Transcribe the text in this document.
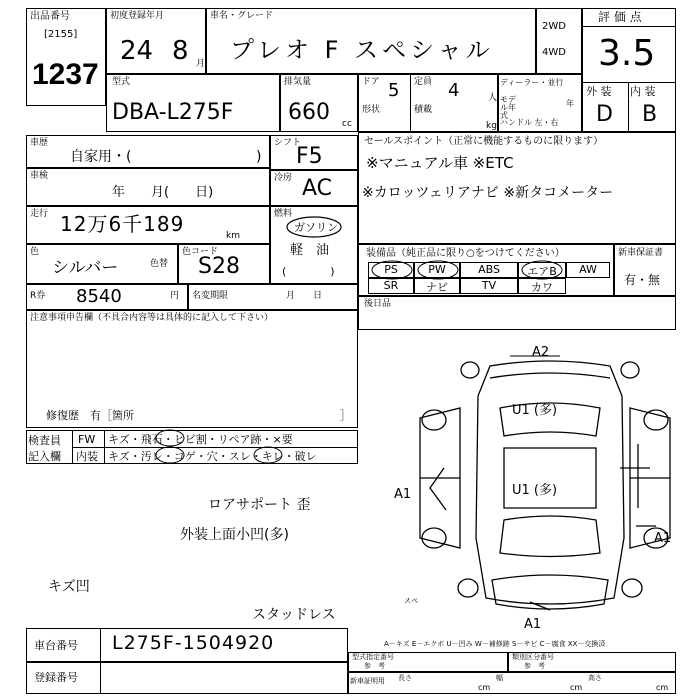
出品番号
[2155]
1237
初度登録年月
24 8 月
車名・グレード
プレオ F スペシャル
2WD
4WD
評 価 点
3.5
外 装 内 装
D B
型式
DBA-L275F
排気量
660 cc
ドア 5 定員 4	人
形状	積載
kg
ディーラー・並行
モデル年式
年
ハンドル 左・右
車歴
自家用・(	)
車検
年　　月(　　日)
走行 12万6千189	km
色
シルバー	色替
色コード
S28
シフト
F5
冷房 AC
燃料
ガソリン
軽　油
(　　　　)
R券 8540	円 名変期限	月　　日
注意事項申告欄（不具合内容等は具体的に記入して下さい）
修復歴　有［箇所	］
セールスポイント（正常に機能するものに限ります）
※マニュアル車 ※ETC
※カロッツェリアナビ ※新タコメーター
装備品（純正品に限り○をつけてください）	新車保証書
有・無
PS	PW	ABS	エアB	AW
SR	ナビ	TV	カワ
後日品
検査員
記入欄
FW キズ・飛石・ヒビ割・リペア跡・×要
内装 キズ・汚レ・コゲ・穴・スレ・キレ・破レ
ロアサポート 歪
外装上面小凹(多)
キズ凹
スタッドレス
A2
U1 (多)
U1 (多)
A1
A1
A1
スペ
A－キズ E－エクボ U－凹み W－補修跡 S－サビ C－腐食 XX－交換済
車台番号 L275F-1504920
登録番号
型式指定番号
参　考
類別区分番号
参　考
新車証明用 長さ
cm
幅
cm
高さ
cm
